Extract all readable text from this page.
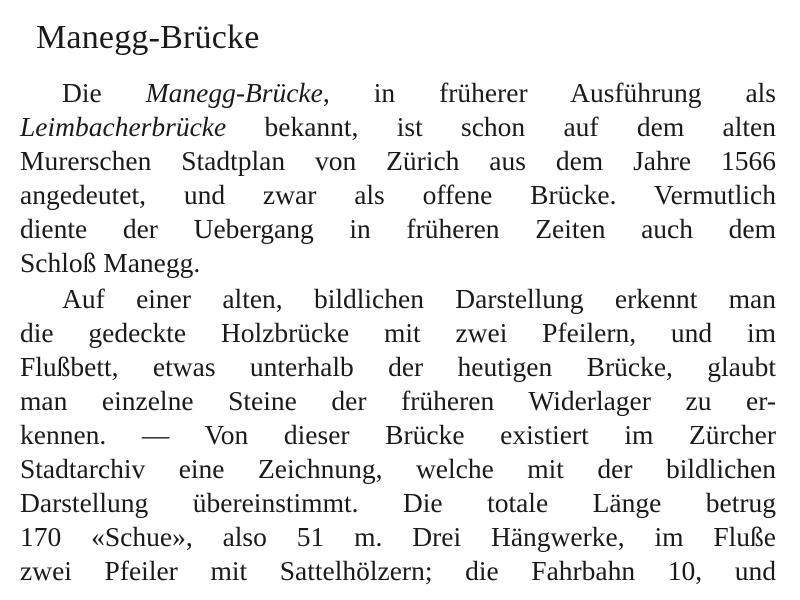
Manegg-Brücke

Die Manegg-Brücke, in früherer Ausführung als

Leimbacherbrücke bekannt, ist schon auf dem alten

Murerschen Stadtplan von Zürich aus dem Jahre 1566

angedeutet, und zwar als offene Brücke. Vermutlich

diente der Uebergang in früheren Zeiten auch dem

Schloß Manegg.

Auf einer alten, bildlichen Darstellung erkennt man

die gedeckte Holzbrücke mit zwei Pfeilern, und im

Flußbett, etwas unterhalb der heutigen Brücke, glaubt

man einzelne Steine der früheren Widerlager zu er-

kennen. — Von dieser Brücke existiert im Zürcher

Stadtarchiv eine Zeichnung, welche mit der bildlichen

Darstellung übereinstimmt. Die totale Länge betrug

170 «Schue», also 51 m. Drei Hängwerke, im Fluße

zwei Pfeiler mit Sattelhölzern; die Fahrbahn 10, und
